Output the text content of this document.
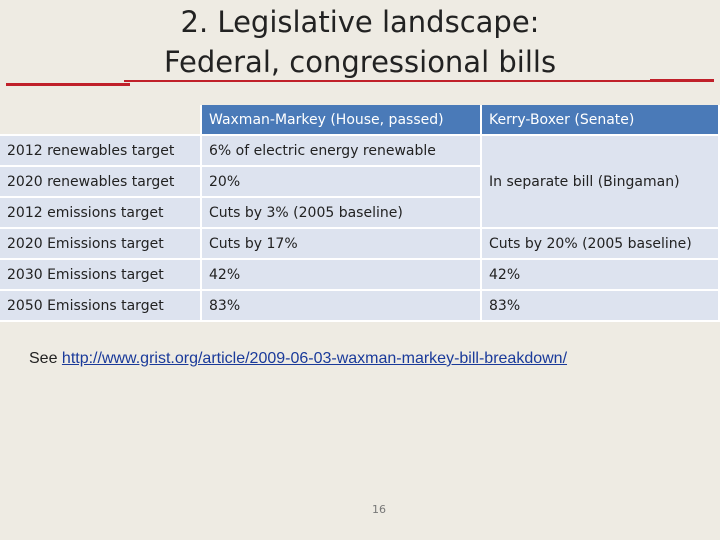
2. Legislative landscape:
Federal, congressional bills
	Waxman-Markey (House, passed)	Kerry-Boxer (Senate)
2012 renewables target	6% of electric energy renewable	In separate bill (Bingaman)
2020 renewables target	20%	
2012 emissions target	Cuts by 3% (2005 baseline)	
2020 Emissions target	Cuts by 17%	Cuts by 20% (2005 baseline)
2030 Emissions target	42%	42%
2050 Emissions target	83%	83%
See http://www.grist.org/article/2009-06-03-waxman-markey-bill-breakdown/
16
